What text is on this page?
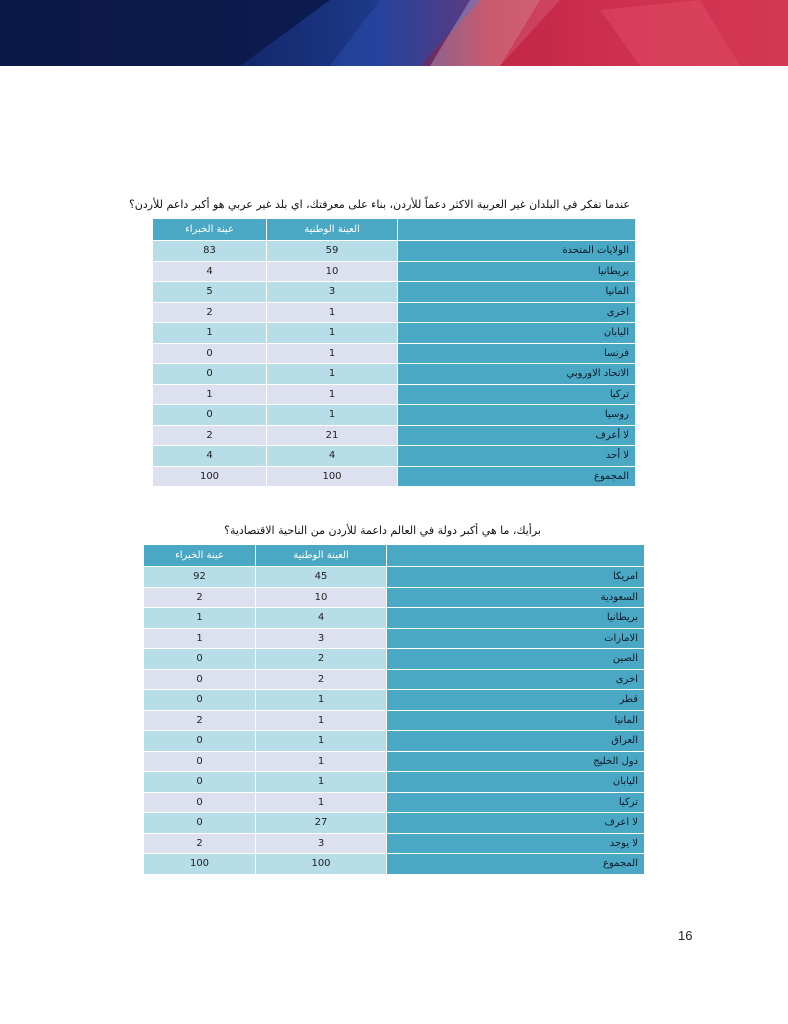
عندما تفكر في البلدان غير العربية الاكثر دعماً للأردن، بناء على معرفتك، اي بلد غير عربي هو أكبر داعم للأردن؟
	العينة الوطنية	عينة الخبراء
الولايات المتحدة	59	83
بريطانيا	10	4
المانيا	3	5
اخرى	1	2
اليابان	1	1
فرنسا	1	0
الاتحاد الاوروبي	1	0
تركيا	1	1
روسيا	1	0
لا أعرف	21	2
لا أحد	4	4
المجموع	100	100
برأيك، ما هي أكبر دولة في العالم داعمة للأردن من الناحية الاقتصادية؟
	العينة الوطنية	عينة الخبراء
امريكا	45	92
السعودية	10	2
بريطانيا	4	1
الامارات	3	1
الصين	2	0
اخرى	2	0
قطر	1	0
المانيا	1	2
العراق	1	0
دول الخليج	1	0
اليابان	1	0
تركيا	1	0
لا اعرف	27	0
لا يوجد	3	2
المجموع	100	100
16
